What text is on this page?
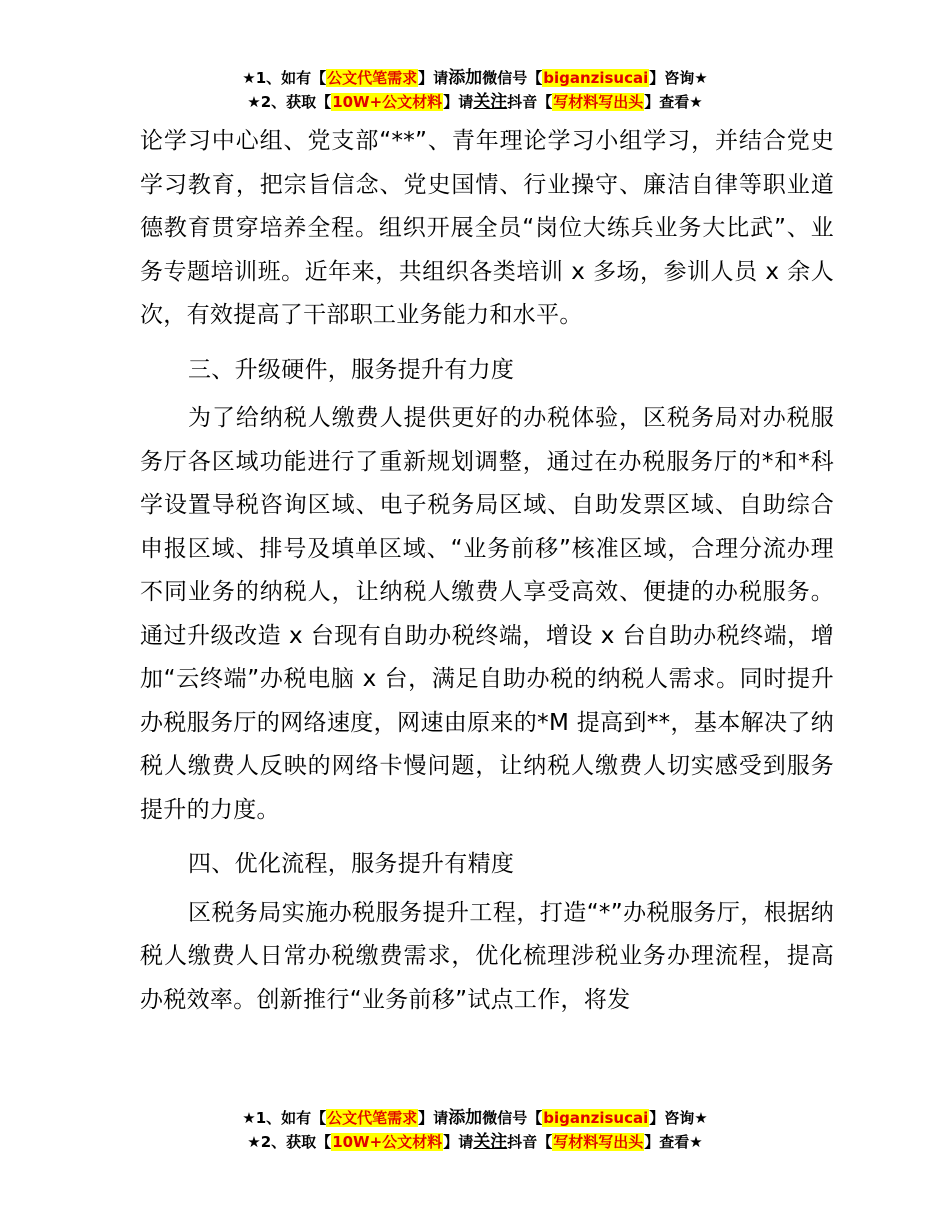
★1、如有【公文代笔需求】请添加微信号【biganzisucai】咨询★
★2、获取【10W+公文材料】请关注抖音【写材料写出头】查看★

论学习中心组、党支部“**”、青年理论学习小组学习，并结合党史学习教育，把宗旨信念、党史国情、行业操守、廉洁自律等职业道德教育贯穿培养全程。组织开展全员“岗位大练兵业务大比武”、业务专题培训班。近年来，共组织各类培训 x 多场，参训人员 x 余人次，有效提高了干部职工业务能力和水平。

三、升级硬件，服务提升有力度

为了给纳税人缴费人提供更好的办税体验，区税务局对办税服务厅各区域功能进行了重新规划调整，通过在办税服务厅的*和*科学设置导税咨询区域、电子税务局区域、自助发票区域、自助综合申报区域、排号及填单区域、“业务前移”核准区域，合理分流办理不同业务的纳税人，让纳税人缴费人享受高效、便捷的办税服务。通过升级改造 x 台现有自助办税终端，增设 x 台自助办税终端，增加“云终端”办税电脑 x 台，满足自助办税的纳税人需求。同时提升办税服务厅的网络速度，网速由原来的*M 提高到**，基本解决了纳税人缴费人反映的网络卡慢问题，让纳税人缴费人切实感受到服务提升的力度。

四、优化流程，服务提升有精度

区税务局实施办税服务提升工程，打造“*”办税服务厅，根据纳税人缴费人日常办税缴费需求，优化梳理涉税业务办理流程，提高办税效率。创新推行“业务前移”试点工作，将发

★1、如有【公文代笔需求】请添加微信号【biganzisucai】咨询★
★2、获取【10W+公文材料】请关注抖音【写材料写出头】查看★
